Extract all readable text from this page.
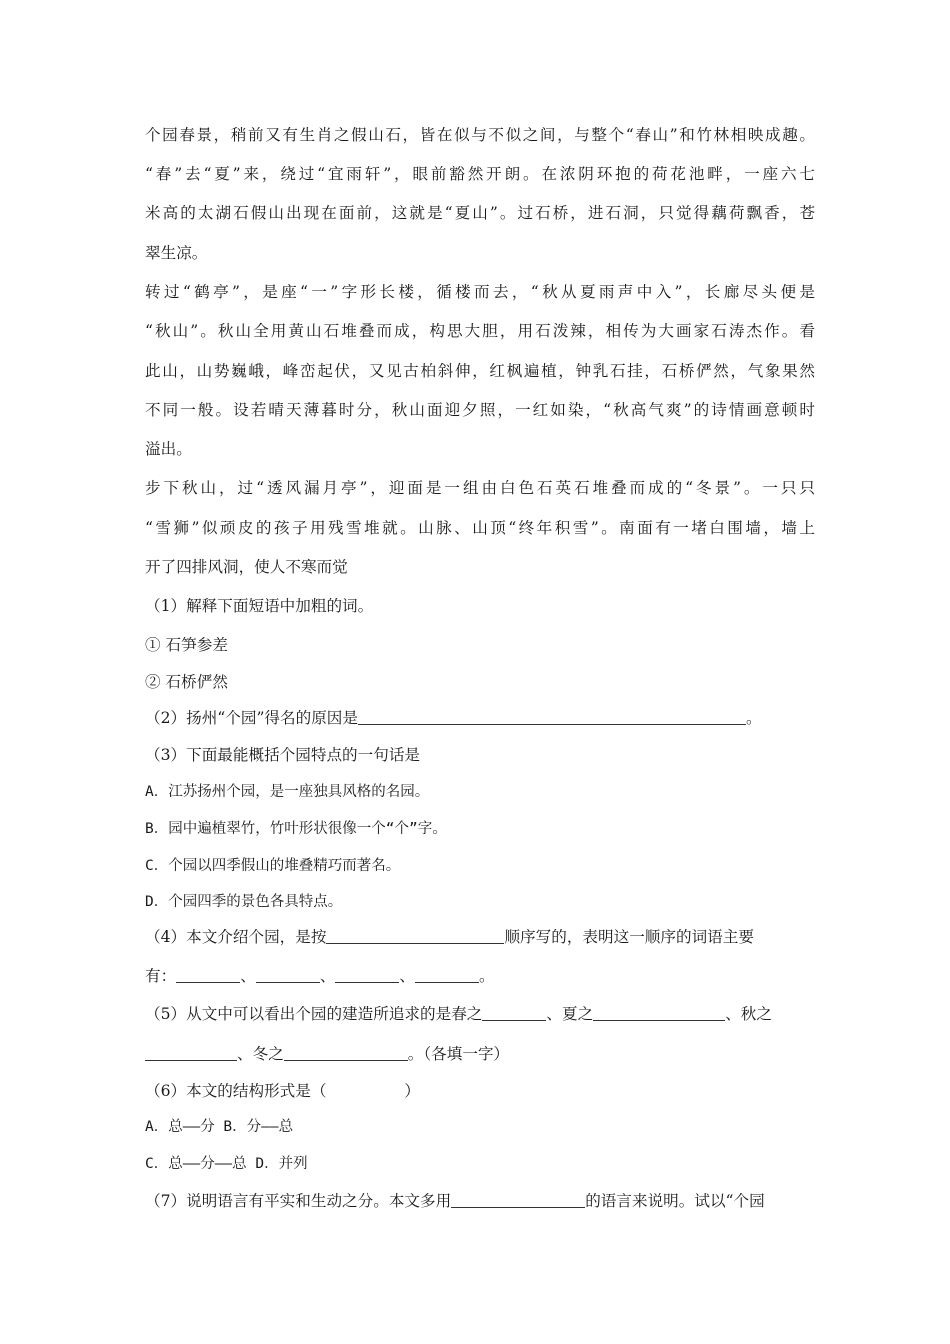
个园春景，稍前又有生肖之假山石，皆在似与不似之间，与整个“春山”和竹林相映成趣。
“春”去“夏”来，绕过“宜雨轩”，眼前豁然开朗。在浓阴环抱的荷花池畔，一座六七
米高的太湖石假山出现在面前，这就是“夏山”。过石桥，进石洞，只觉得藕荷飘香，苍
翠生凉。
转过“鹤亭”，是座“一”字形长楼，循楼而去，“秋从夏雨声中入”，长廊尽头便是
“秋山”。秋山全用黄山石堆叠而成，构思大胆，用石泼辣，相传为大画家石涛杰作。看
此山，山势巍峨，峰峦起伏，又见古柏斜伸，红枫遍植，钟乳石挂，石桥俨然，气象果然
不同一般。设若晴天薄暮时分，秋山面迎夕照，一红如染，“秋高气爽”的诗情画意顿时
溢出。
步下秋山，过“透风漏月亭”，迎面是一组由白色石英石堆叠而成的“冬景”。一只只
“雪狮”似顽皮的孩子用残雪堆就。山脉、山顶“终年积雪”。南面有一堵白围墙，墙上
开了四排风洞，使人不寒而觉
（1）解释下面短语中加粗的词。
① 石笋参差
② 石桥俨然
（2）扬州“个园”得名的原因是	。
（3）下面最能概括个园特点的一句话是
A．江苏扬州个园，是一座独具风格的名园。
B．园中遍植翠竹，竹叶形状很像一个“个”字。
C．个园以四季假山的堆叠精巧而著名。
D．个园四季的景色各具特点。
（4）本文介绍个园，是按	顺序写的，表明这一顺序的词语主要
有：	、	、	、	。
（5）从文中可以看出个园的建造所追求的是春之	、夏之	、秋之
、冬之	。（各填一字）
（6）本文的结构形式是（　　　　　）
A．总——分 B．分——总
C．总——分——总 D．并列
（7）说明语言有平实和生动之分。本文多用	的语言来说明。试以“个园
